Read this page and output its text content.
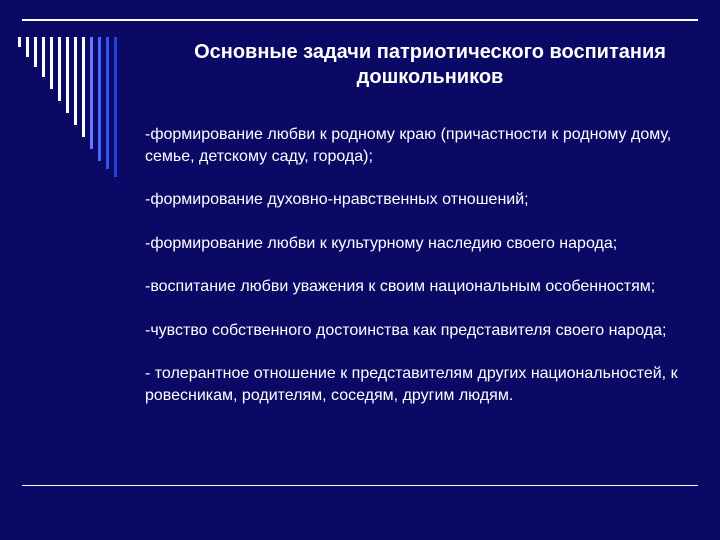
Основные задачи патриотического воспитания дошкольников

-формирование любви к родному краю (причастности к родному дому, семье, детскому саду, города);

-формирование духовно-нравственных отношений;

-формирование любви к культурному наследию своего народа;

-воспитание любви уважения к своим национальным особенностям;

-чувство собственного достоинства как представителя своего народа;

- толерантное отношение к представителям других национальностей, к ровесникам, родителям, соседям, другим людям.
